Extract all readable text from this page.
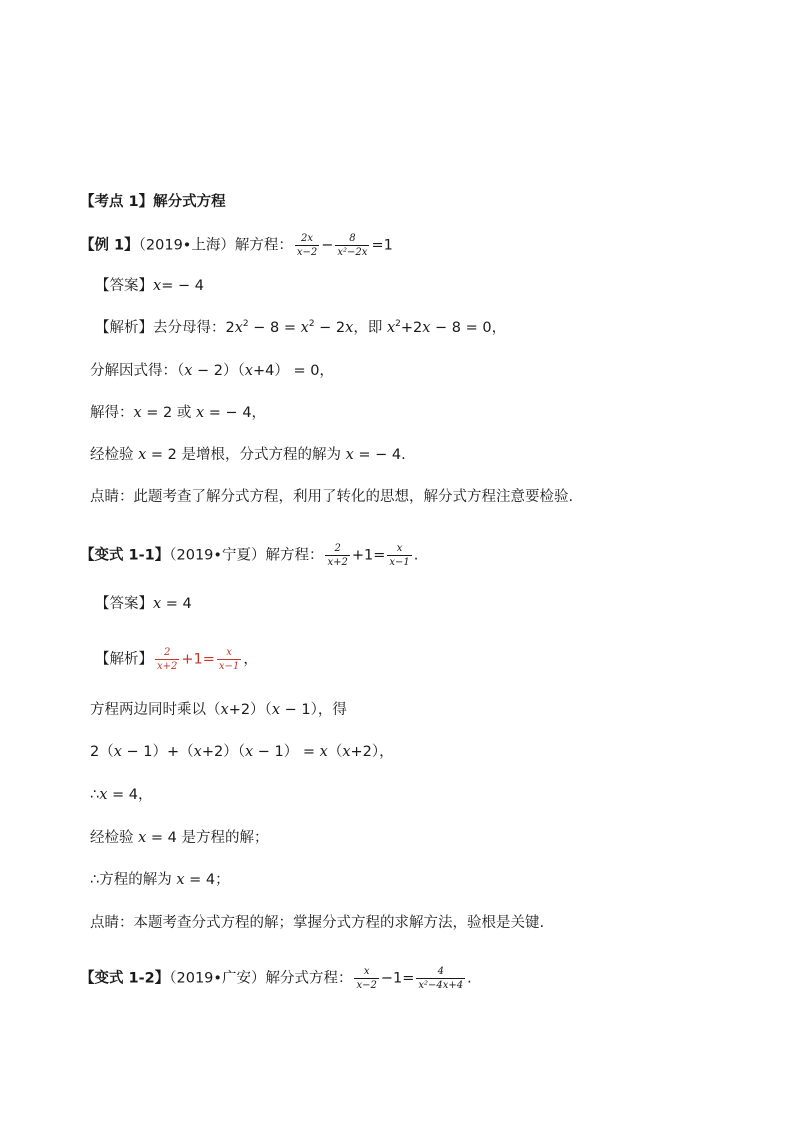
【考点 1】解分式方程
【例 1】（2019•上海）解方程： $\frac{2x}{x-2} - \frac{8}{\text{x²−2x}} =1$
【答案】x= − 4
【解析】去分母得：$2x^2 - 8 = x^2 - 2x$，即 $x^2+2x - 8 = 0$，
分解因式得：（x − 2）（x+4） = 0，
解得：x = 2 或 x = − 4，
经检验 x = 2 是增根，分式方程的解为 x = − 4.
点睛：此题考查了解分式方程，利用了转化的思想，解分式方程注意要检验.
【变式 1-1】（2019•宁夏）解方程： $\frac{2}{x+2} +1= \frac{x}{x-1}$ .
【答案】x = 4
【解析】 $\frac{2}{x+2} +1= \frac{x}{x-1}$ ，
方程两边同时乘以（x+2）（x − 1），得
2（x − 1）+（x+2）（x − 1） = x（x+2），
∴x = 4，
经检验 x = 4 是方程的解；
∴方程的解为 x = 4；
点睛：本题考查分式方程的解；掌握分式方程的求解方法，验根是关键.
【变式 1-2】（2019•广安）解分式方程： $\frac{x}{x-2} -1= \frac{4}{\text{x²−4x+4}}$ .
